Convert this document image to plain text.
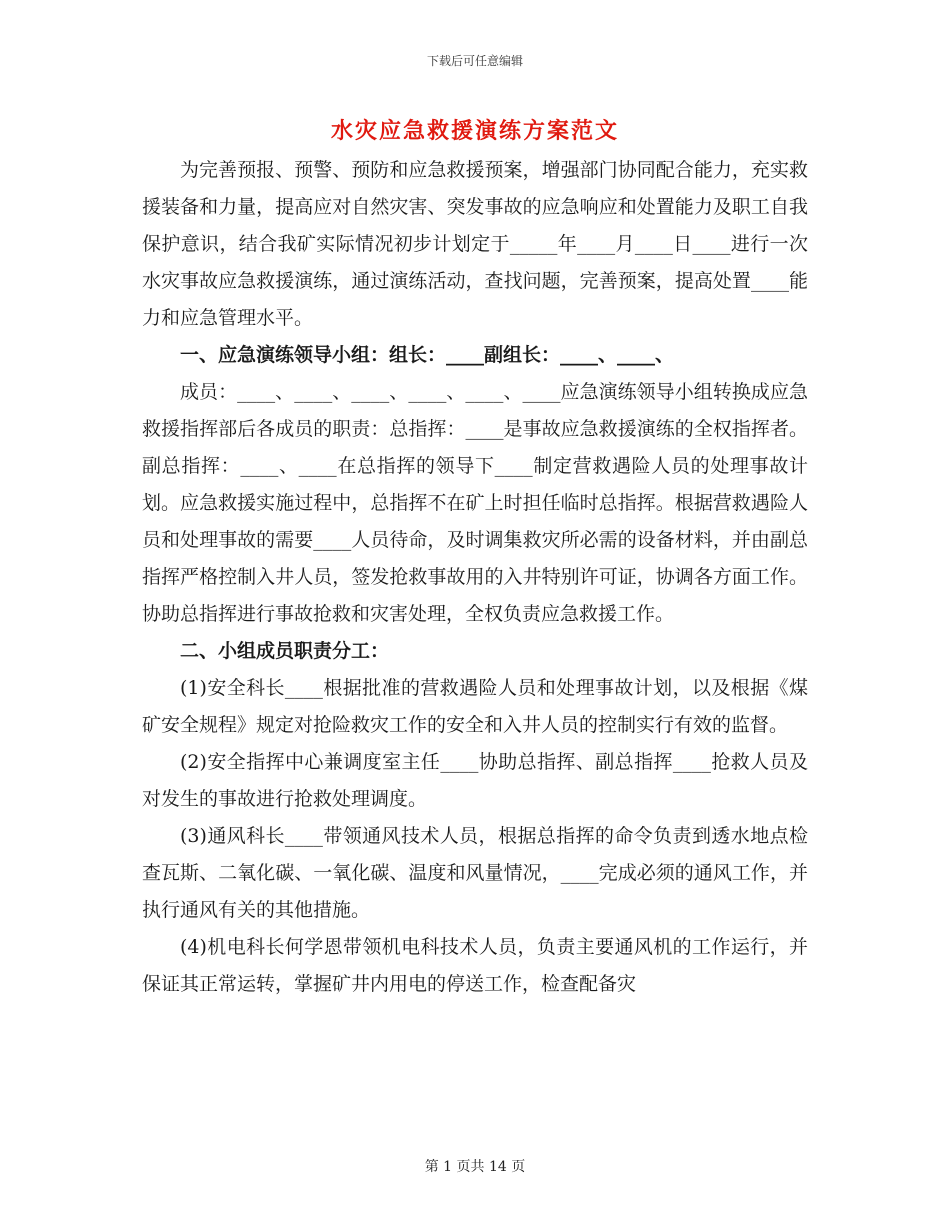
下载后可任意编辑
水灾应急救援演练方案范文

为完善预报、预警、预防和应急救援预案，增强部门协同配合能力，充实救援装备和力量，提高应对自然灾害、突发事故的应急响应和处置能力及职工自我保护意识，结合我矿实际情况初步计划定于_____年____月____日____进行一次水灾事故应急救援演练，通过演练活动，查找问题，完善预案，提高处置____能力和应急管理水平。

一、应急演练领导小组：组长：____副组长：____、____、

成员：____、____、____、____、____、____应急演练领导小组转换成应急救援指挥部后各成员的职责：总指挥：____是事故应急救援演练的全权指挥者。副总指挥：____、____在总指挥的领导下____制定营救遇险人员的处理事故计划。应急救援实施过程中，总指挥不在矿上时担任临时总指挥。根据营救遇险人员和处理事故的需要____人员待命，及时调集救灾所必需的设备材料，并由副总指挥严格控制入井人员，签发抢救事故用的入井特别许可证，协调各方面工作。协助总指挥进行事故抢救和灾害处理，全权负责应急救援工作。

二、小组成员职责分工：

(1)安全科长____根据批准的营救遇险人员和处理事故计划，以及根据《煤矿安全规程》规定对抢险救灾工作的安全和入井人员的控制实行有效的监督。

(2)安全指挥中心兼调度室主任____协助总指挥、副总指挥____抢救人员及对发生的事故进行抢救处理调度。

(3)通风科长____带领通风技术人员，根据总指挥的命令负责到透水地点检查瓦斯、二氧化碳、一氧化碳、温度和风量情况，____完成必须的通风工作，并执行通风有关的其他措施。

(4)机电科长何学恩带领机电科技术人员，负责主要通风机的工作运行，并保证其正常运转，掌握矿井内用电的停送工作，检查配备灾

第 1 页共 14 页
